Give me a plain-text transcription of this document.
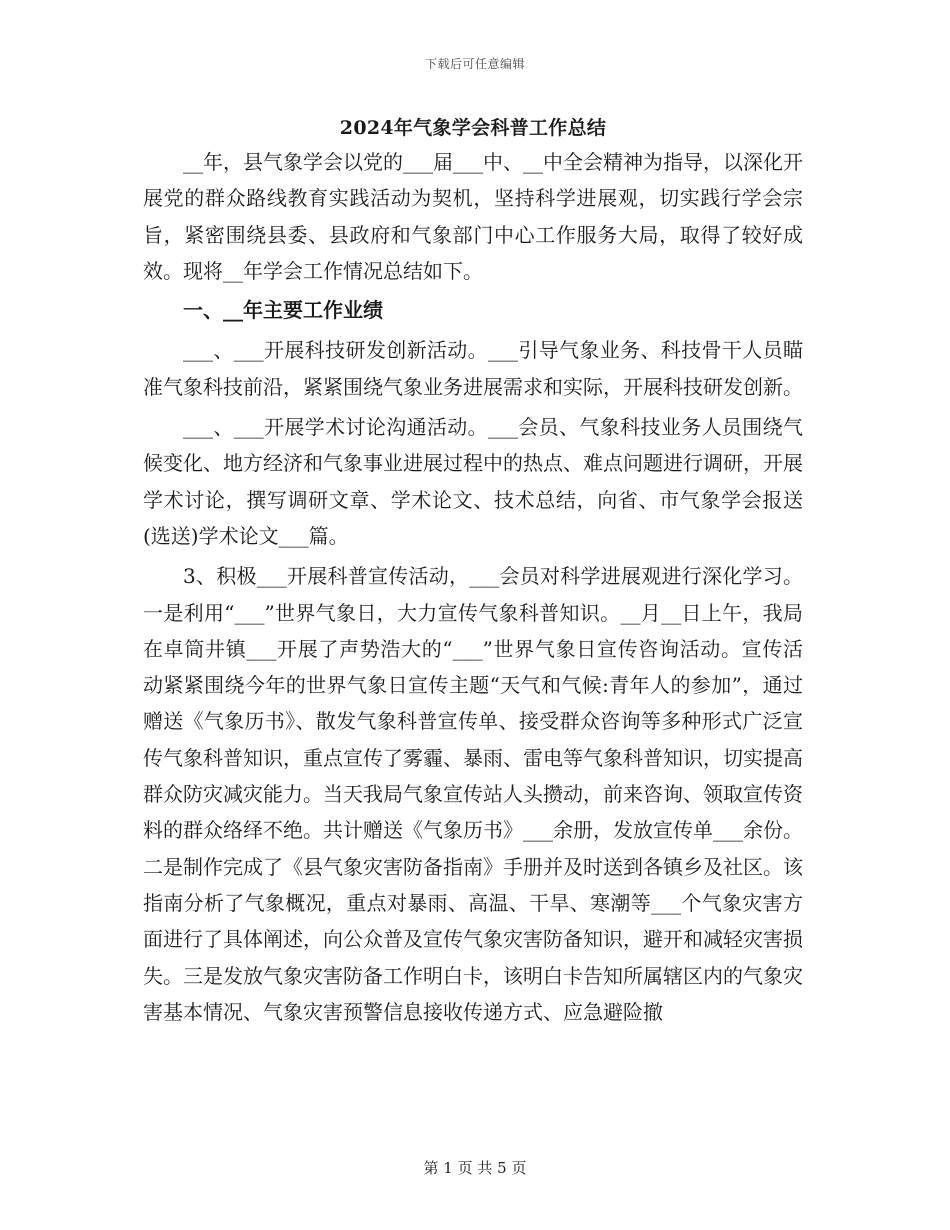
下载后可任意编辑
2024年气象学会科普工作总结

__年，县气象学会以党的___届___中、__中全会精神为指导，以深化开展党的群众路线教育实践活动为契机，坚持科学进展观，切实践行学会宗旨，紧密围绕县委、县政府和气象部门中心工作服务大局，取得了较好成效。现将__年学会工作情况总结如下。

一、__年主要工作业绩

___、___开展科技研发创新活动。___引导气象业务、科技骨干人员瞄准气象科技前沿，紧紧围绕气象业务进展需求和实际，开展科技研发创新。

___、___开展学术讨论沟通活动。___会员、气象科技业务人员围绕气候变化、地方经济和气象事业进展过程中的热点、难点问题进行调研，开展学术讨论，撰写调研文章、学术论文、技术总结，向省、市气象学会报送(选送)学术论文___篇。

3、积极___开展科普宣传活动，___会员对科学进展观进行深化学习。一是利用“___”世界气象日，大力宣传气象科普知识。__月__日上午，我局在卓筒井镇___开展了声势浩大的“___”世界气象日宣传咨询活动。宣传活动紧紧围绕今年的世界气象日宣传主题“天气和气候:青年人的参加”，通过赠送《气象历书》、散发气象科普宣传单、接受群众咨询等多种形式广泛宣传气象科普知识，重点宣传了雾霾、暴雨、雷电等气象科普知识，切实提高群众防灾减灾能力。当天我局气象宣传站人头攒动，前来咨询、领取宣传资料的群众络绎不绝。共计赠送《气象历书》___余册，发放宣传单___余份。二是制作完成了《县气象灾害防备指南》手册并及时送到各镇乡及社区。该指南分析了气象概况，重点对暴雨、高温、干旱、寒潮等___个气象灾害方面进行了具体阐述，向公众普及宣传气象灾害防备知识，避开和减轻灾害损失。三是发放气象灾害防备工作明白卡，该明白卡告知所属辖区内的气象灾害基本情况、气象灾害预警信息接收传递方式、应急避险撤

第 1 页 共 5 页
